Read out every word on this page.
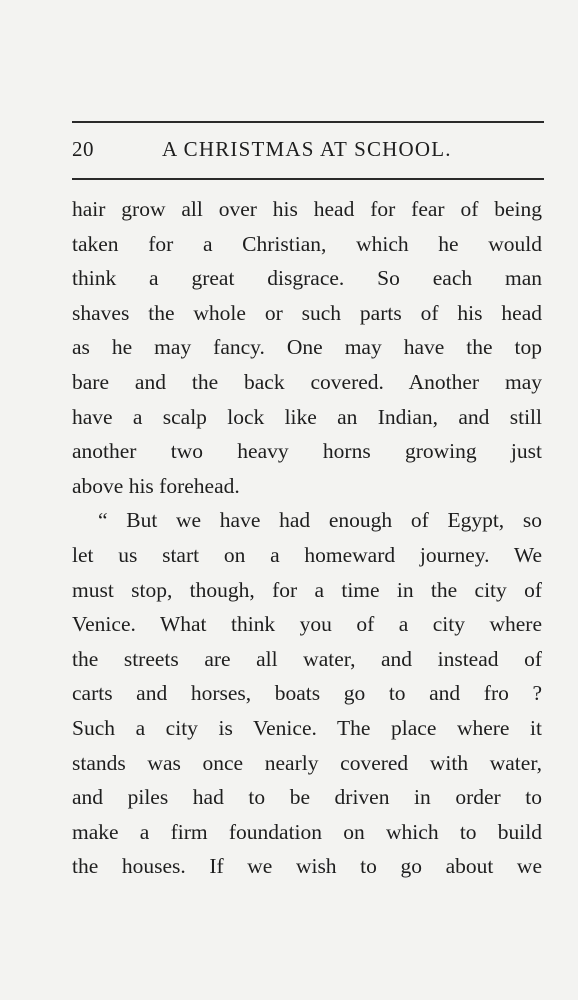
20	A CHRISTMAS AT SCHOOL.
hair grow all over his head for fear of being
taken for a Christian, which he would
think a great disgrace. So each man
shaves the whole or such parts of his head
as he may fancy. One may have the top
bare and the back covered. Another may
have a scalp lock like an Indian, and still
another two heavy horns growing just
above his forehead.
“ But we have had enough of Egypt, so
let us start on a homeward journey. We
must stop, though, for a time in the city of
Venice. What think you of a city where
the streets are all water, and instead of
carts and horses, boats go to and fro ?
Such a city is Venice. The place where it
stands was once nearly covered with water,
and piles had to be driven in order to
make a firm foundation on which to build
the houses. If we wish to go about we
